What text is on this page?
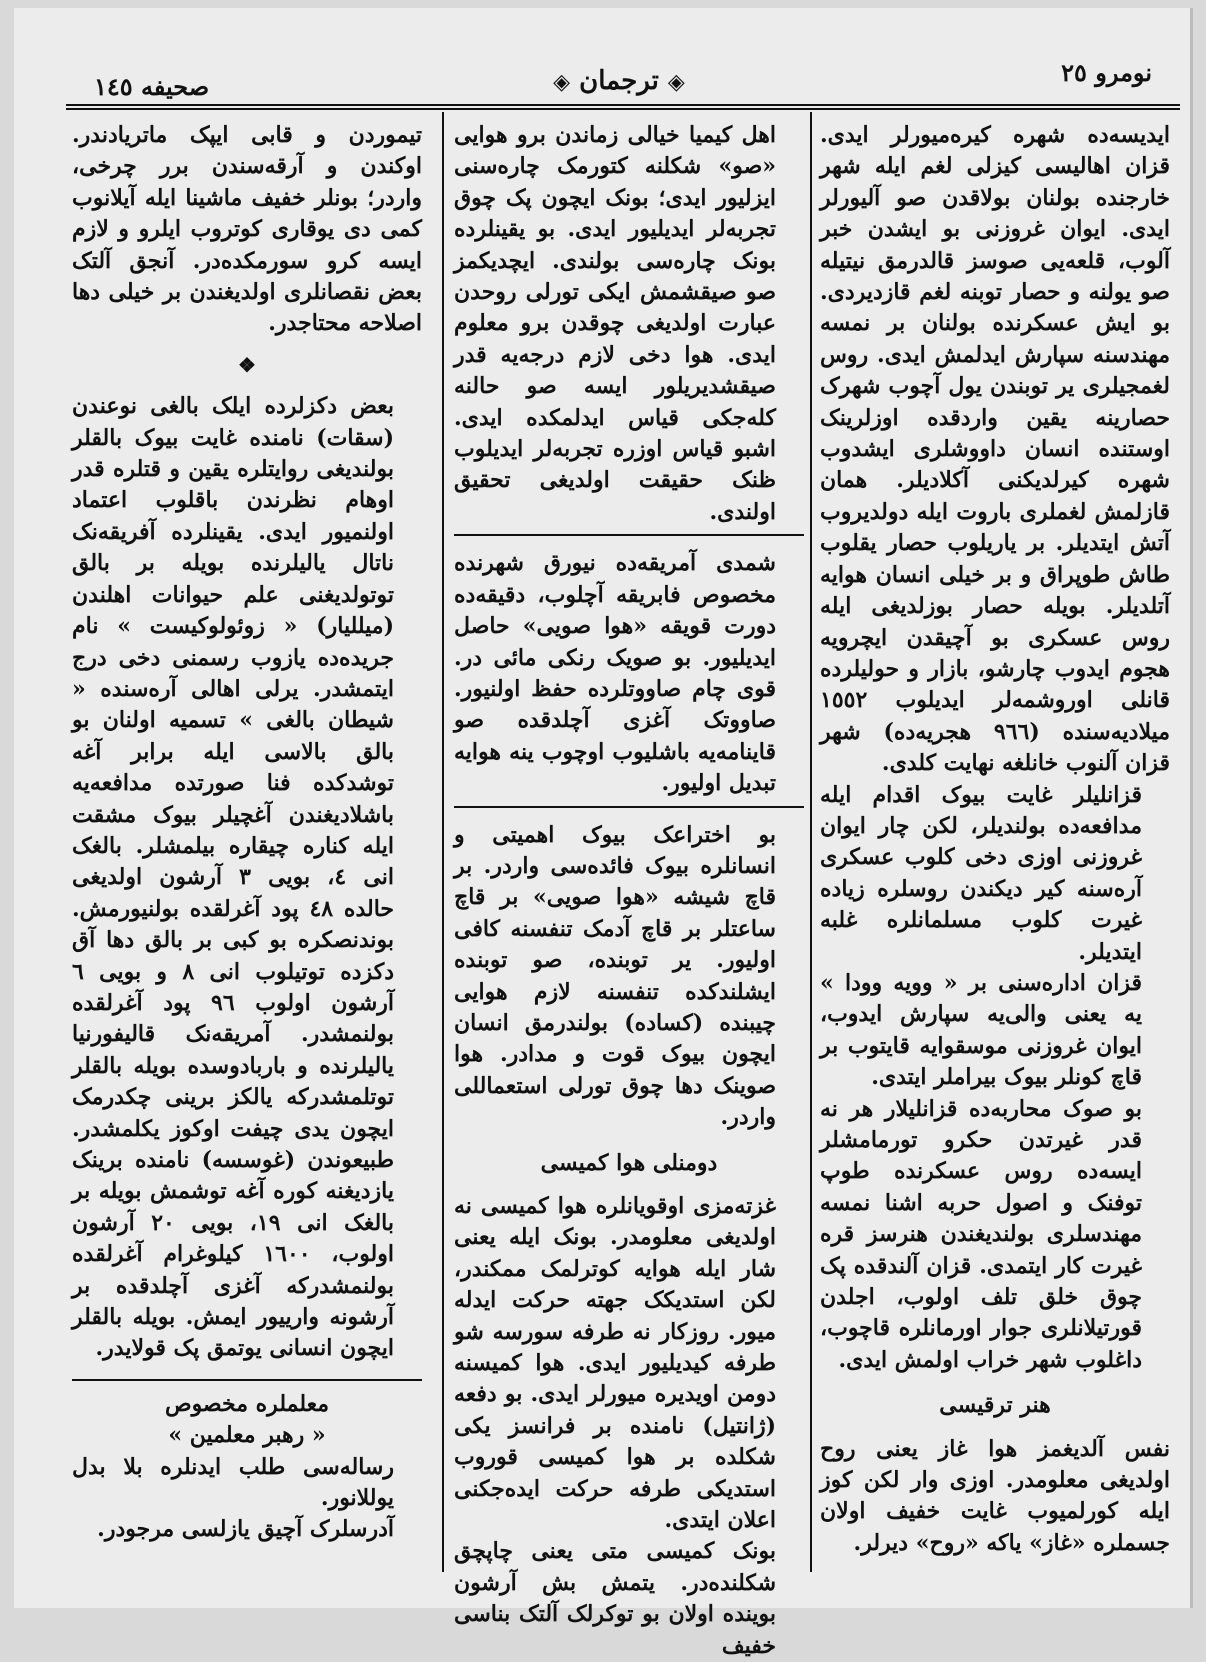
نومرو ٢٥
◈ ترجمان ◈
صحيفه ١٤٥

ایدیسه‌ده شهره کیره‌میورلر ایدی. قزان اهالیسی کیزلی لغم ایله شهر خارجنده بولنان بولاقدن صو آلیورلر ایدی. ایوان غروزنی بو ایشدن خبر آلوب، قلعه‌یی صوسز قالدرمق نیتیله صو یولنه و حصار توبنه لغم قازدیردی. بو ایش عسکرنده بولنان بر نمسه مهندسنه سپارش ایدلمش ایدی. روس لغمجیلری یر توبندن یول آچوب شهرک حصارینه یقین واردقده اوزلرینک اوستنده انسان داووشلری ایشدوب شهره کیرلدیکنی آکلادیلر. همان قازلمش لغملری باروت ایله دولدیروب آتش ایتدیلر. بر یاریلوب حصار یقلوب طاش طوپراق و بر خیلی انسان هوایه آتلدیلر. بویله حصار بوزلدیغی ایله روس عسکری بو آچیقدن ایچرویه هجوم ایدوب چارشو، بازار و حولیلرده قانلی اوروشمه‌لر ایدیلوب ١٥٥٢ میلادیه‌سنده (٩٦٦ هجریه‌ده) شهر قزان آلنوب خانلغه نهایت کلدی.

قزانلیلر غایت بیوک اقدام ایله مدافعه‌ده بولندیلر، لکن چار ایوان غروزنی اوزی دخی کلوب عسکری آره‌سنه کیر دیکندن روسلره زیاده غیرت کلوب مسلمانلره غلبه ایتدیلر.

قزان اداره‌سنی بر « وویه وودا » یه یعنی والی‌یه سپارش ایدوب، ایوان غروزنی موسقوایه قایتوب بر قاچ کونلر بیوک بیراملر ایتدی.

بو صوک محاربه‌ده قزانلیلار هر نه قدر غیرتدن حکرو تورمامشلر ایسه‌ده روس عسکرنده طوپ توفنک و اصول حربه اشنا نمسه مهندسلری بولندیغندن هنرسز قره غیرت کار ایتمدی. قزان آلندقده پک چوق خلق تلف اولوب، اجلدن قورتیلانلری جوار اورمانلره قاچوب، داغلوب شهر خراب اولمش ایدی.

هنر ترقیسی

نفس آلدیغمز هوا غاز یعنی روح اولدیغی معلومدر. اوزی وار لکن کوز ایله کورلمیوب غایت خفیف اولان جسملره «غاز» یاکه «روح» دیرلر.

اهل کیمیا خیالی زماندن برو هوایی «صو» شکلنه کتورمک چاره‌سنی ایزلیور ایدی؛ بونک ایچون پک چوق تجربه‌لر ایدیلیور ایدی. بو یقینلرده بونک چاره‌سی بولندی. ایچدیکمز صو صیقشمش ایکی تورلی روحدن عبارت اولدیغی چوقدن برو معلوم ایدی. هوا دخی لازم درجه‌یه قدر صیقشدیریلور ایسه صو حالنه کله‌جکی قیاس ایدلمکده ایدی. اشبو قیاس اوزره تجربه‌لر ایدیلوب ظنک حقیقت اولدیغی تحقیق اولندی.

شمدی آمریقه‌ده نیورق شهرنده مخصوص فابریقه آچلوب، دقیقه‌ده دورت قویقه «هوا صویی» حاصل ایدیلیور. بو صویک رنکی مائی در. قوی چام صاووتلرده حفظ اولنیور. صاووتک آغزی آچلدقده صو قاینامه‌یه باشلیوب اوچوب ینه هوایه تبدیل اولیور.

بو اختراعک بیوک اهمیتی و انسانلره بیوک فائده‌سی واردر. بر قاچ شیشه «هوا صویی» بر قاچ ساعتلر بر قاچ آدمک تنفسنه کافی اولیور. یر توبنده، صو توبنده ایشلندکده تنفسنه لازم هوایی چیبنده (کساده) بولندرمق انسان ایچون بیوک قوت و مدادر. هوا صوینک دها چوق تورلی استعماللی واردر.

دومنلی هوا کمیسی

غزته‌مزی اوقویانلره هوا کمیسی نه اولدیغی معلومدر. بونک ایله یعنی شار ایله هوایه کوترلمک ممکندر، لکن استدیکک جهته حرکت ایدله میور. روزکار نه طرفه سورسه شو طرفه کیدیلیور ایدی. هوا کمیسنه دومن اویدیره میورلر ایدی. بو دفعه (ژانتیل) نامنده بر فرانسز یکی شکلده بر هوا کمیسی قوروب استدیکی طرفه حرکت ایده‌جکنی اعلان ایتدی.

بونک کمیسی متی یعنی چاپچق شکلنده‌در. یتمش بش آرشون بوینده اولان بو توکرلک آلتک بناسی خفیف

تیموردن و قابی ایپک ماتریادندر. اوکندن و آرقه‌سندن برر چرخی، واردر؛ بونلر خفیف ماشینا ایله آیلانوب کمی دی یوقاری کوتروب ایلرو و لازم ایسه کرو سورمکده‌در. آنجق آلتک بعض نقصانلری اولدیغندن بر خیلی دها اصلاحه محتاجدر.

❖

بعض دکزلرده ایلک بالغی نوعندن (سقات) نامنده غایت بیوک بالقلر بولندیغی روایتلره یقین و قتلره قدر اوهام نظرندن باقلوب اعتماد اولنمیور ایدی. یقینلرده آفریقه‌نک ناتال یالیلرنده بویله بر بالق توتولدیغنی علم حیوانات اهلندن (میللیار) « زوئولوکیست » نام جریده‌ده یازوب رسمنی دخی درج ایتمشدر. یرلی اهالی آره‌سنده « شیطان بالغی » تسمیه اولنان بو بالق بالاسی ایله برابر آغه توشدکده فنا صورتده مدافعه‌یه باشلادیغندن آغچیلر بیوک مشقت ایله کناره چیقاره بیلمشلر. بالغک انی ٤، بویی ٣ آرشون اولدیغی حالده ٤٨ پود آغرلقده بولنیورمش. بوندنصکره بو کبی بر بالق دها آق دکزده توتیلوب انی ٨ و بویی ٦ آرشون اولوب ٩٦ پود آغرلقده بولنمشدر. آمریقه‌نک قالیفورنیا یالیلرنده و باربادوسده بویله بالقلر توتلمشدرکه یالکز برینی چکدرمک ایچون یدی چیفت اوکوز یکلمشدر. طبیعوندن (غوسسه) نامنده برینک یازدیغنه کوره آغه توشمش بویله بر بالغک انی ١٩، بویی ٢٠ آرشون اولوب، ١٦٠٠ کیلوغرام آغرلقده بولنمشدرکه آغزی آچلدقده بر آرشونه وارییور ایمش. بویله بالقلر ایچون انسانی یوتمق پک قولایدر.

معلملره مخصوص
« رهبر معلمین »

رساله‌سی طلب ایدنلره بلا بدل یوللانور.

آدرسلرک آچیق یازلسی مرجودر.
